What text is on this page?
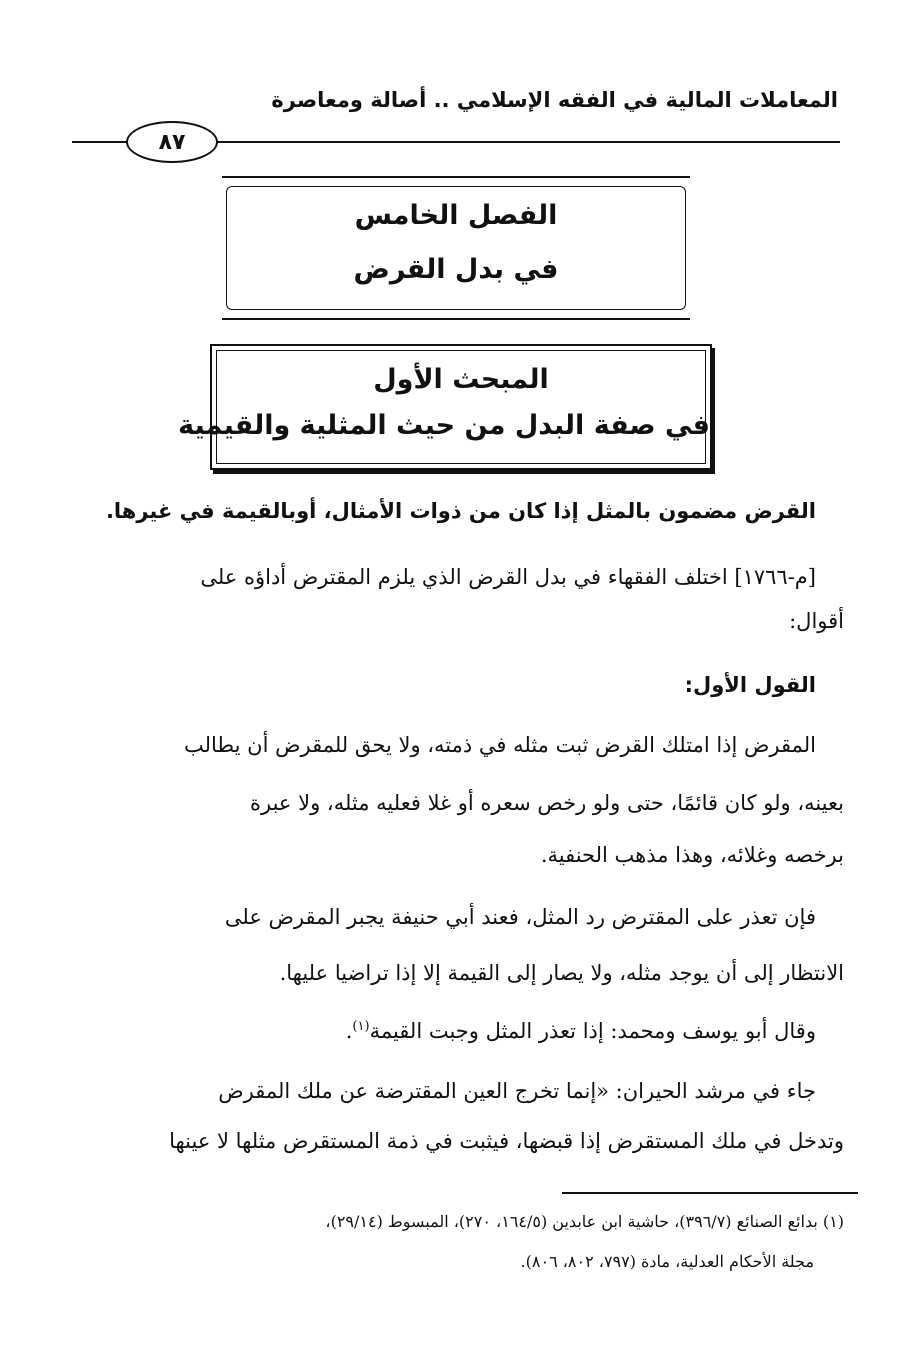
المعاملات المالية في الفقه الإسلامي .. أصالة ومعاصرة
٨٧
الفصل الخامس
في بدل القرض
المبحث الأول
في صفة البدل من حيث المثلية والقيمية
القرض مضمون بالمثل إذا كان من ذوات الأمثال، أوبالقيمة في غيرها.
[م-١٧٦٦] اختلف الفقهاء في بدل القرض الذي يلزم المقترض أداؤه على
أقوال:
القول الأول:
المقرض إذا امتلك القرض ثبت مثله في ذمته، ولا يحق للمقرض أن يطالب
بعينه، ولو كان قائمًا، حتى ولو رخص سعره أو غلا فعليه مثله، ولا عبرة
برخصه وغلائه، وهذا مذهب الحنفية.
فإن تعذر على المقترض رد المثل، فعند أبي حنيفة يجبر المقرض على
الانتظار إلى أن يوجد مثله، ولا يصار إلى القيمة إلا إذا تراضيا عليها.
وقال أبو يوسف ومحمد: إذا تعذر المثل وجبت القيمة$^{(١)}$.
جاء في مرشد الحيران: «إنما تخرج العين المقترضة عن ملك المقرض
وتدخل في ملك المستقرض إذا قبضها، فيثبت في ذمة المستقرض مثلها لا عينها
(١) بدائع الصنائع (٣٩٦/٧)، حاشية ابن عابدين (١٦٤/٥، ٢٧٠)، المبسوط (٢٩/١٤)،
مجلة الأحكام العدلية، مادة (٧٩٧، ٨٠٢، ٨٠٦).
